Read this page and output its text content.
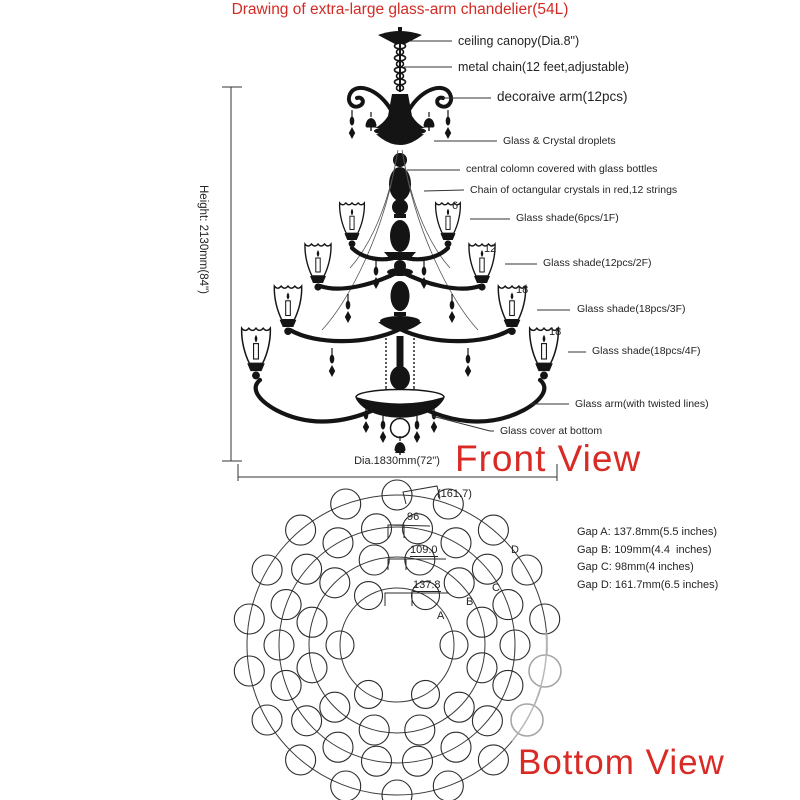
Drawing of extra-large glass-arm chandelier(54L)
Height: 2130mm(84")
Dia.1830mm(72")
ceiling canopy(Dia.8")
metal chain(12 feet,adjustable)
decoraive arm(12pcs)
Glass & Crystal droplets
central colomn covered with glass bottles
Chain of octangular crystals in red,12 strings
6
Glass shade(6pcs/1F)
12
Glass shade(12pcs/2F)
18
Glass shade(18pcs/3F)
18
Glass shade(18pcs/4F)
Glass arm(with twisted lines)
Glass cover at bottom
Front View
Bottom View
(161.7)
96
109.0
137.8
A
B
C
D
Gap A: 137.8mm(5.5 inches)
Gap B: 109mm(4.4  inches)
Gap C: 98mm(4 inches)
Gap D: 161.7mm(6.5 inches)
